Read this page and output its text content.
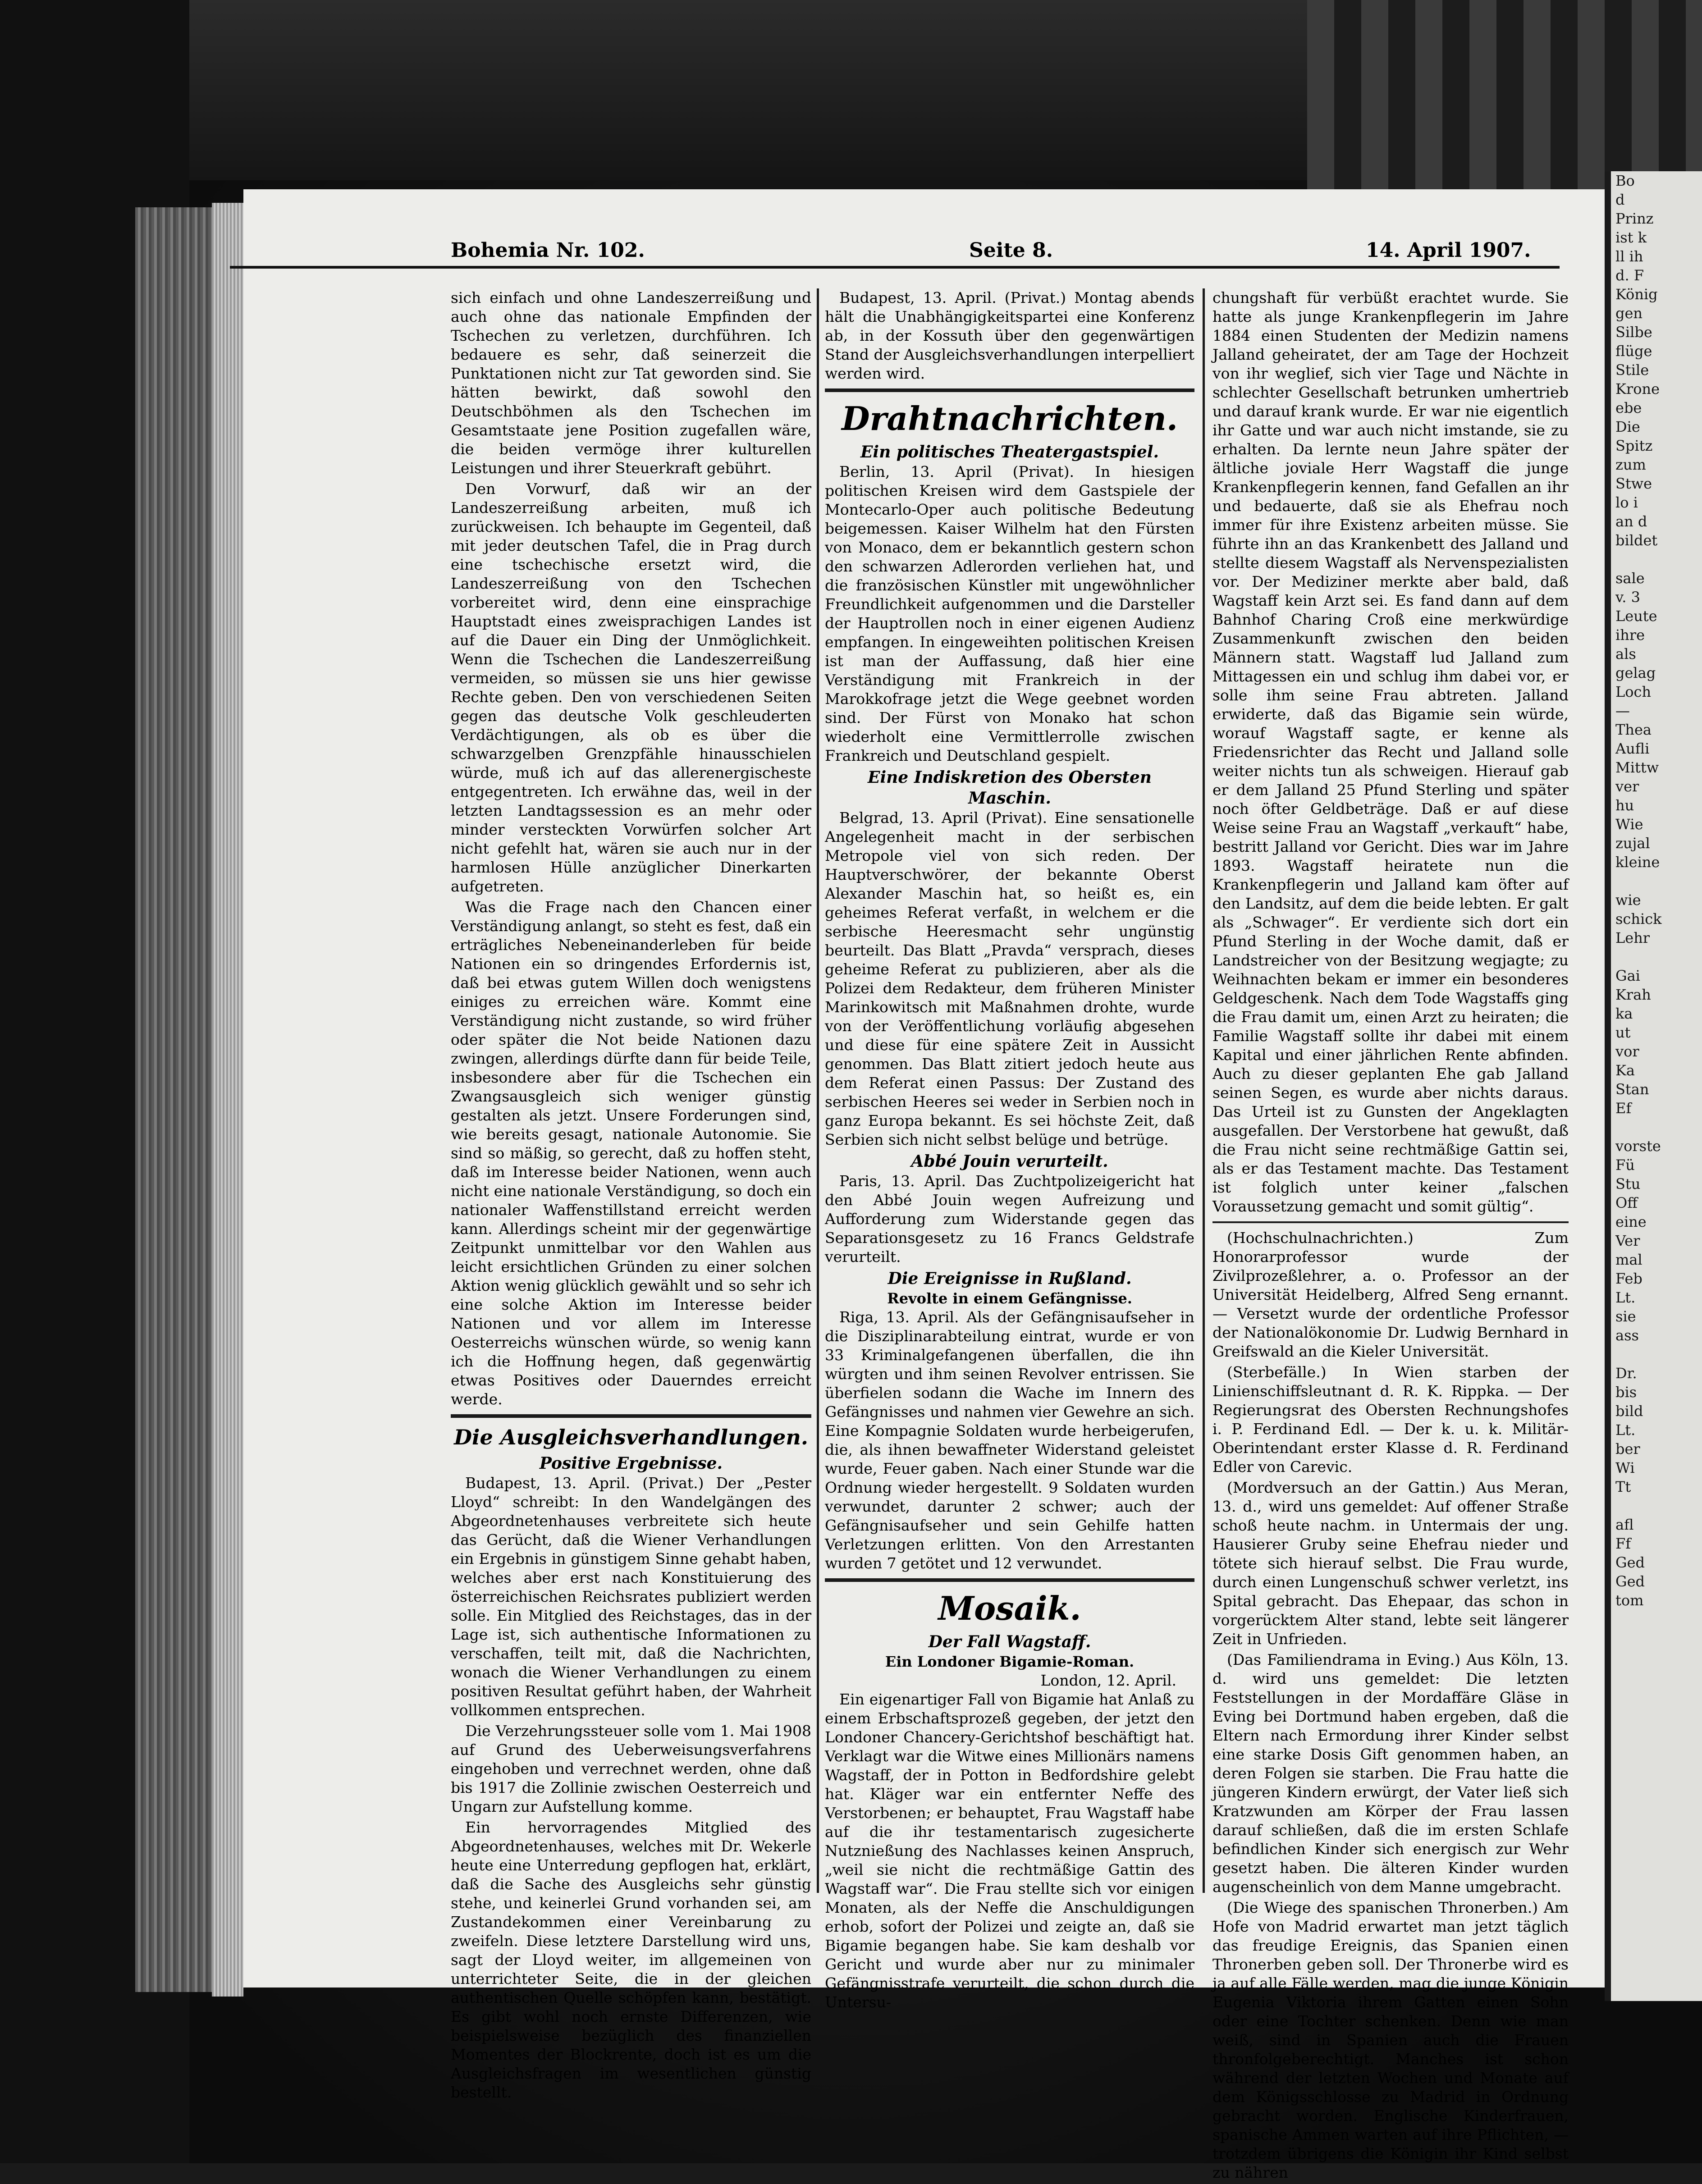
Bohemia Nr. 102.	Seite 8.	14. April 1907.

sich einfach und ohne Landeszerreißung und auch ohne das nationale Empfinden der Tschechen zu verletzen, durchführen. Ich bedauere es sehr, daß seinerzeit die Punktationen nicht zur Tat geworden sind. Sie hätten bewirkt, daß sowohl den Deutschböhmen als den Tschechen im Gesamtstaate jene Position zugefallen wäre, die beiden vermöge ihrer kulturellen Leistungen und ihrer Steuerkraft gebührt.

Den Vorwurf, daß wir an der Landeszerreißung arbeiten, muß ich zurückweisen. Ich behaupte im Gegenteil, daß mit jeder deutschen Tafel, die in Prag durch eine tschechische ersetzt wird, die Landeszerreißung von den Tschechen vorbereitet wird, denn eine einsprachige Hauptstadt eines zweisprachigen Landes ist auf die Dauer ein Ding der Unmöglichkeit. Wenn die Tschechen die Landeszerreißung vermeiden, so müssen sie uns hier gewisse Rechte geben. Den von verschiedenen Seiten gegen das deutsche Volk geschleuderten Verdächtigungen, als ob es über die schwarzgelben Grenzpfähle hinausschielen würde, muß ich auf das allerenergischeste entgegentreten. Ich erwähne das, weil in der letzten Landtagssession es an mehr oder minder versteckten Vorwürfen solcher Art nicht gefehlt hat, wären sie auch nur in der harmlosen Hülle anzüglicher Dinerkarten aufgetreten.

Was die Frage nach den Chancen einer Verständigung anlangt, so steht es fest, daß ein erträgliches Nebeneinanderleben für beide Nationen ein so dringendes Erfordernis ist, daß bei etwas gutem Willen doch wenigstens einiges zu erreichen wäre. Kommt eine Verständigung nicht zustande, so wird früher oder später die Not beide Nationen dazu zwingen, allerdings dürfte dann für beide Teile, insbesondere aber für die Tschechen ein Zwangsausgleich sich weniger günstig gestalten als jetzt. Unsere Forderungen sind, wie bereits gesagt, nationale Autonomie. Sie sind so mäßig, so gerecht, daß zu hoffen steht, daß im Interesse beider Nationen, wenn auch nicht eine nationale Verständigung, so doch ein nationaler Waffenstillstand erreicht werden kann. Allerdings scheint mir der gegenwärtige Zeitpunkt unmittelbar vor den Wahlen aus leicht ersichtlichen Gründen zu einer solchen Aktion wenig glücklich gewählt und so sehr ich eine solche Aktion im Interesse beider Nationen und vor allem im Interesse Oesterreichs wünschen würde, so wenig kann ich die Hoffnung hegen, daß gegenwärtig etwas Positives oder Dauerndes erreicht werde.

Die Ausgleichsverhandlungen.
Positive Ergebnisse.

Budapest, 13. April. (Privat.) Der „Pester Lloyd“ schreibt: In den Wandelgängen des Abgeordnetenhauses verbreitete sich heute das Gerücht, daß die Wiener Verhandlungen ein Ergebnis in günstigem Sinne gehabt haben, welches aber erst nach Konstituierung des österreichischen Reichsrates publiziert werden solle. Ein Mitglied des Reichstages, das in der Lage ist, sich authentische Informationen zu verschaffen, teilt mit, daß die Nachrichten, wonach die Wiener Verhandlungen zu einem positiven Resultat geführt haben, der Wahrheit vollkommen entsprechen.

Die Verzehrungssteuer solle vom 1. Mai 1908 auf Grund des Ueberweisungsverfahrens eingehoben und verrechnet werden, ohne daß bis 1917 die Zollinie zwischen Oesterreich und Ungarn zur Aufstellung komme.

Ein hervorragendes Mitglied des Abgeordnetenhauses, welches mit Dr. Wekerle heute eine Unterredung gepflogen hat, erklärt, daß die Sache des Ausgleichs sehr günstig stehe, und keinerlei Grund vorhanden sei, am Zustandekommen einer Vereinbarung zu zweifeln. Diese letztere Darstellung wird uns, sagt der Lloyd weiter, im allgemeinen von unterrichteter Seite, die in der gleichen authentischen Quelle schöpfen kann, bestätigt. Es gibt wohl noch ernste Differenzen, wie beispielsweise bezüglich des finanziellen Momentes der Blockrente, doch ist es um die Ausgleichsfragen im wesentlichen günstig bestellt.

Budapest, 13. April. (Privat.) Montag abends hält die Unabhängigkeitspartei eine Konferenz ab, in der Kossuth über den gegenwärtigen Stand der Ausgleichsverhandlungen interpelliert werden wird.

Drahtnachrichten.
Ein politisches Theatergastspiel.

Berlin, 13. April (Privat). In hiesigen politischen Kreisen wird dem Gastspiele der Montecarlo-Oper auch politische Bedeutung beigemessen. Kaiser Wilhelm hat den Fürsten von Monaco, dem er bekanntlich gestern schon den schwarzen Adlerorden verliehen hat, und die französischen Künstler mit ungewöhnlicher Freundlichkeit aufgenommen und die Darsteller der Hauptrollen noch in einer eigenen Audienz empfangen. In eingeweihten politischen Kreisen ist man der Auffassung, daß hier eine Verständigung mit Frankreich in der Marokkofrage jetzt die Wege geebnet worden sind. Der Fürst von Monako hat schon wiederholt eine Vermittlerrolle zwischen Frankreich und Deutschland gespielt.

Eine Indiskretion des Obersten Maschin.

Belgrad, 13. April (Privat). Eine sensationelle Angelegenheit macht in der serbischen Metropole viel von sich reden. Der Hauptverschwörer, der bekannte Oberst Alexander Maschin hat, so heißt es, ein geheimes Referat verfaßt, in welchem er die serbische Heeresmacht sehr ungünstig beurteilt. Das Blatt „Pravda“ versprach, dieses geheime Referat zu publizieren, aber als die Polizei dem Redakteur, dem früheren Minister Marinkowitsch mit Maßnahmen drohte, wurde von der Veröffentlichung vorläufig abgesehen und diese für eine spätere Zeit in Aussicht genommen. Das Blatt zitiert jedoch heute aus dem Referat einen Passus: Der Zustand des serbischen Heeres sei weder in Serbien noch in ganz Europa bekannt. Es sei höchste Zeit, daß Serbien sich nicht selbst belüge und betrüge.

Abbé Jouin verurteilt.

Paris, 13. April. Das Zuchtpolizeigericht hat den Abbé Jouin wegen Aufreizung und Aufforderung zum Widerstande gegen das Separationsgesetz zu 16 Francs Geldstrafe verurteilt.

Die Ereignisse in Rußland.
Revolte in einem Gefängnisse.

Riga, 13. April. Als der Gefängnisaufseher in die Disziplinarabteilung eintrat, wurde er von 33 Kriminalgefangenen überfallen, die ihn würgten und ihm seinen Revolver entrissen. Sie überfielen sodann die Wache im Innern des Gefängnisses und nahmen vier Gewehre an sich. Eine Kompagnie Soldaten wurde herbeigerufen, die, als ihnen bewaffneter Widerstand geleistet wurde, Feuer gaben. Nach einer Stunde war die Ordnung wieder hergestellt. 9 Soldaten wurden verwundet, darunter 2 schwer; auch der Gefängnisaufseher und sein Gehilfe hatten Verletzungen erlitten. Von den Arrestanten wurden 7 getötet und 12 verwundet.

Mosaik.
Der Fall Wagstaff.
Ein Londoner Bigamie-Roman.
London, 12. April.

Ein eigenartiger Fall von Bigamie hat Anlaß zu einem Erbschaftsprozeß gegeben, der jetzt den Londoner Chancery-Gerichtshof beschäftigt hat. Verklagt war die Witwe eines Millionärs namens Wagstaff, der in Potton in Bedfordshire gelebt hat. Kläger war ein entfernter Neffe des Verstorbenen; er behauptet, Frau Wagstaff habe auf die ihr testamentarisch zugesicherte Nutznießung des Nachlasses keinen Anspruch, „weil sie nicht die rechtmäßige Gattin des Wagstaff war“. Die Frau stellte sich vor einigen Monaten, als der Neffe die Anschuldigungen erhob, sofort der Polizei und zeigte an, daß sie Bigamie begangen habe. Sie kam deshalb vor Gericht und wurde aber nur zu minimaler Gefängnisstrafe verurteilt, die schon durch die Untersu-

chungshaft für verbüßt erachtet wurde. Sie hatte als junge Krankenpflegerin im Jahre 1884 einen Studenten der Medizin namens Jalland geheiratet, der am Tage der Hochzeit von ihr weglief, sich vier Tage und Nächte in schlechter Gesellschaft betrunken umhertrieb und darauf krank wurde. Er war nie eigentlich ihr Gatte und war auch nicht imstande, sie zu erhalten. Da lernte neun Jahre später der ältliche joviale Herr Wagstaff die junge Krankenpflegerin kennen, fand Gefallen an ihr und bedauerte, daß sie als Ehefrau noch immer für ihre Existenz arbeiten müsse. Sie führte ihn an das Krankenbett des Jalland und stellte diesem Wagstaff als Nervenspezialisten vor. Der Mediziner merkte aber bald, daß Wagstaff kein Arzt sei. Es fand dann auf dem Bahnhof Charing Croß eine merkwürdige Zusammenkunft zwischen den beiden Männern statt. Wagstaff lud Jalland zum Mittagessen ein und schlug ihm dabei vor, er solle ihm seine Frau abtreten. Jalland erwiderte, daß das Bigamie sein würde, worauf Wagstaff sagte, er kenne als Friedensrichter das Recht und Jalland solle weiter nichts tun als schweigen. Hierauf gab er dem Jalland 25 Pfund Sterling und später noch öfter Geldbeträge. Daß er auf diese Weise seine Frau an Wagstaff „verkauft“ habe, bestritt Jalland vor Gericht. Dies war im Jahre 1893. Wagstaff heiratete nun die Krankenpflegerin und Jalland kam öfter auf den Landsitz, auf dem die beide lebten. Er galt als „Schwager“. Er verdiente sich dort ein Pfund Sterling in der Woche damit, daß er Landstreicher von der Besitzung wegjagte; zu Weihnachten bekam er immer ein besonderes Geldgeschenk. Nach dem Tode Wagstaffs ging die Frau damit um, einen Arzt zu heiraten; die Familie Wagstaff sollte ihr dabei mit einem Kapital und einer jährlichen Rente abfinden. Auch zu dieser geplanten Ehe gab Jalland seinen Segen, es wurde aber nichts daraus. Das Urteil ist zu Gunsten der Angeklagten ausgefallen. Der Verstorbene hat gewußt, daß die Frau nicht seine rechtmäßige Gattin sei, als er das Testament machte. Das Testament ist folglich unter keiner „falschen Voraussetzung gemacht und somit gültig“.

(Hochschulnachrichten.) Zum Honorarprofessor wurde der Zivilprozeßlehrer, a. o. Professor an der Universität Heidelberg, Alfred Seng ernannt. — Versetzt wurde der ordentliche Professor der Nationalökonomie Dr. Ludwig Bernhard in Greifswald an die Kieler Universität.

(Sterbefälle.) In Wien starben der Linienschiffsleutnant d. R. K. Rippka. — Der Regierungsrat des Obersten Rechnungshofes i. P. Ferdinand Edl. — Der k. u. k. Militär-Oberintendant erster Klasse d. R. Ferdinand Edler von Carevic.

(Mordversuch an der Gattin.) Aus Meran, 13. d., wird uns gemeldet: Auf offener Straße schoß heute nachm. in Untermais der ung. Hausierer Gruby seine Ehefrau nieder und tötete sich hierauf selbst. Die Frau wurde, durch einen Lungenschuß schwer verletzt, ins Spital gebracht. Das Ehepaar, das schon in vorgerücktem Alter stand, lebte seit längerer Zeit in Unfrieden.

(Das Familiendrama in Eving.) Aus Köln, 13. d. wird uns gemeldet: Die letzten Feststellungen in der Mordaffäre Gläse in Eving bei Dortmund haben ergeben, daß die Eltern nach Ermordung ihrer Kinder selbst eine starke Dosis Gift genommen haben, an deren Folgen sie starben. Die Frau hatte die jüngeren Kindern erwürgt, der Vater ließ sich Kratzwunden am Körper der Frau lassen darauf schließen, daß die im ersten Schlafe befindlichen Kinder sich energisch zur Wehr gesetzt haben. Die älteren Kinder wurden augenscheinlich von dem Manne umgebracht.

(Die Wiege des spanischen Thronerben.) Am Hofe von Madrid erwartet man jetzt täglich das freudige Ereignis, das Spanien einen Thronerben geben soll. Der Thronerbe wird es ja auf alle Fälle werden, mag die junge Königin Eugenia Viktoria ihrem Gatten einen Sohn oder eine Tochter schenken. Denn wie man weiß, sind in Spanien auch die Frauen thronfolgeberechtigt. Manches ist schon während der letzten Wochen und Monate auf dem Königsschlosse zu Madrid in Ordnung gebracht worden. Englische Kinderfrauen, spanische Ammen warten auf ihre Pflichten, — trotzdem übrigens die Königin ihr Kind selbst zu nähren

Bo
d
Prinz
ist k
ll ih
d. F
König
gen
Silbe
flüge
Stile
Krone
ebe
Die
Spitz
zum
Stwe
lo i
an d
bildet

sale
v. 3
Leute
ihre
als
gelag
Loch
—
Thea
Aufli
Mittw
ver
hu
Wie
zujal
kleine

wie
schick
Lehr

Gai
Krah
ka
ut
vor
Ka
Stan
Ef

vorste
Fü
Stu
Off
eine
Ver
mal
Feb
Lt.
sie
ass

Dr.
bis
bild
Lt.
ber
Wi
Tt

afl
Ff
Ged
Ged
tom
